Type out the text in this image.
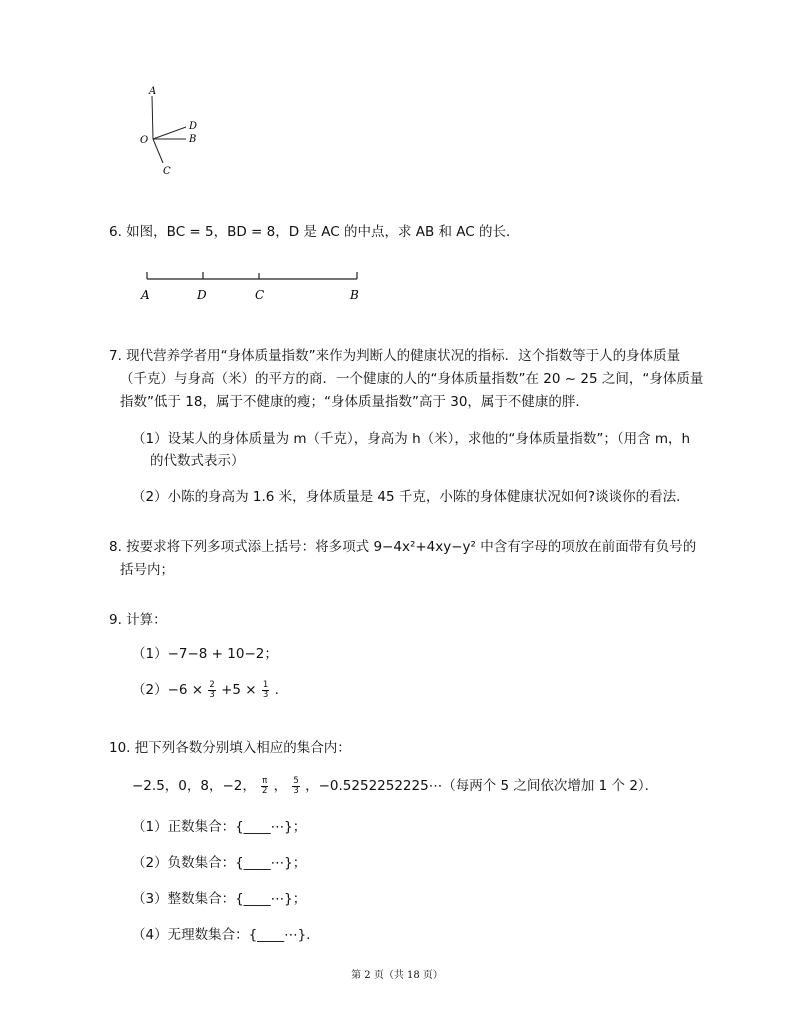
A
D
O	B
C
6. 如图，BC = 5，BD = 8，D 是 AC 的中点，求 AB 和 AC 的长．
A	D	C	B
7. 现代营养学者用“身体质量指数”来作为判断人的健康状况的指标．这个指数等于人的身体质量
（千克）与身高（米）的平方的商．一个健康的人的“身体质量指数”在 20 ~ 25 之间，“身体质量
指数”低于 18，属于不健康的瘦；“身体质量指数”高于 30，属于不健康的胖．
（1）设某人的身体质量为 m（千克），身高为 h（米），求他的“身体质量指数”；（用含 m，h
的代数式表示）
（2）小陈的身高为 1.6 米，身体质量是 45 千克，小陈的身体健康状况如何?谈谈你的看法．
8. 按要求将下列多项式添上括号：将多项式 9−4x²+4xy−y² 中含有字母的项放在前面带有负号的
括号内；
9. 计算：
（1）−7−8 + 10−2；
$(2)-6 \times \frac{2}{3} +5 \times \frac{1}{3}$ .
10. 把下列各数分别填入相应的集合内：
−2.5，0，8，−2， $\frac{\pi}{2}$ ， $\frac{5}{3}$ ，−0.5252252225⋯（每两个 5 之间依次增加 1 个 2）．
（1）正数集合：{____⋯}；
（2）负数集合：{____⋯}；
（3）整数集合：{____⋯}；
（4）无理数集合：{____⋯}．
第 2 页（共 18 页）
